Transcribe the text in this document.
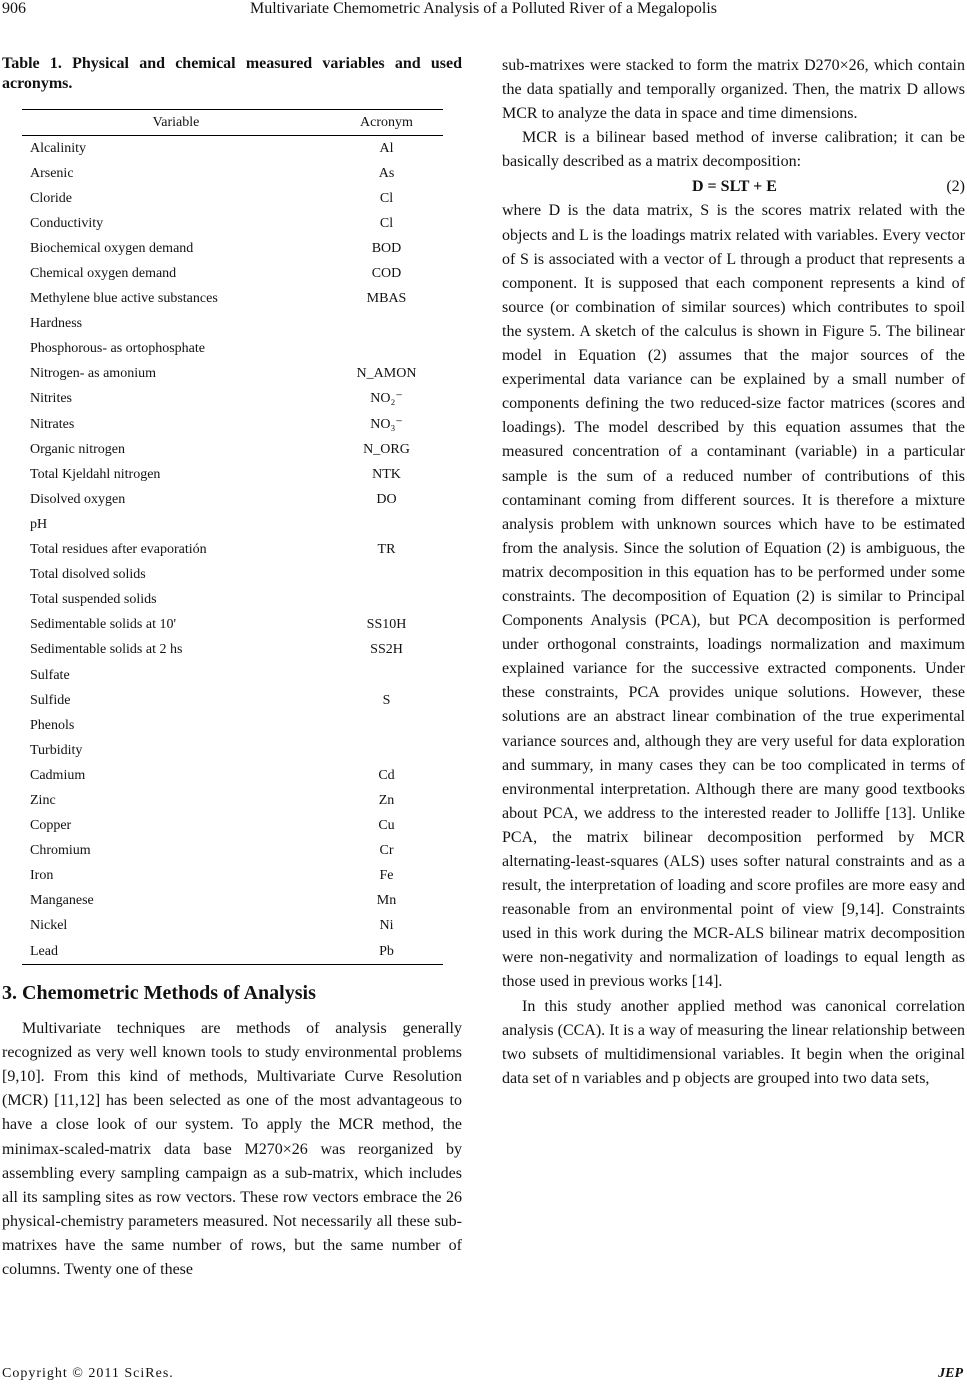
906	Multivariate Chemometric Analysis of a Polluted River of a Megalopolis

Table 1. Physical and chemical measured variables and used acronyms.

Variable	Acronym
Alcalinity	Al
Arsenic	As
Cloride	Cl
Conductivity	Cl
Biochemical oxygen demand	BOD
Chemical oxygen demand	COD
Methylene blue active substances	MBAS
Hardness	
Phosphorous- as ortophosphate	
Nitrogen- as amonium	N_AMON
Nitrites	NO₂⁻
Nitrates	NO₃⁻
Organic nitrogen	N_ORG
Total Kjeldahl nitrogen	NTK
Disolved oxygen	DO
pH	
Total residues after evaporatión	TR
Total disolved solids	
Total suspended solids	
Sedimentable solids at 10'	SS10H
Sedimentable solids at 2 hs	SS2H
Sulfate	
Sulfide	S
Phenols	
Turbidity	
Cadmium	Cd
Zinc	Zn
Copper	Cu
Chromium	Cr
Iron	Fe
Manganese	Mn
Nickel	Ni
Lead	Pb
3. Chemometric Methods of Analysis

Multivariate techniques are methods of analysis generally recognized as very well known tools to study environmental problems [9,10]. From this kind of methods, Multivariate Curve Resolution (MCR) [11,12] has been selected as one of the most advantageous to have a close look of our system. To apply the MCR method, the minimax-scaled-matrix data base M270×26 was reorganized by assembling every sampling campaign as a sub-matrix, which includes all its sampling sites as row vectors. These row vectors embrace the 26 physical-chemistry parameters measured. Not necessarily all these sub-matrixes have the same number of rows, but the same number of columns. Twenty one of these

sub-matrixes were stacked to form the matrix D270×26, which contain the data spatially and temporally organized. Then, the matrix D allows MCR to analyze the data in space and time dimensions.

MCR is a bilinear based method of inverse calibration; it can be basically described as a matrix decomposition:

D = SLT + E	(2)

where D is the data matrix, S is the scores matrix related with the objects and L is the loadings matrix related with variables. Every vector of S is associated with a vector of L through a product that represents a component. It is supposed that each component represents a kind of source (or combination of similar sources) which contributes to spoil the system. A sketch of the calculus is shown in Figure 5. The bilinear model in Equation (2) assumes that the major sources of the experimental data variance can be explained by a small number of components defining the two reduced-size factor matrices (scores and loadings). The model described by this equation assumes that the measured concentration of a contaminant (variable) in a particular sample is the sum of a reduced number of contributions of this contaminant coming from different sources. It is therefore a mixture analysis problem with unknown sources which have to be estimated from the analysis. Since the solution of Equation (2) is ambiguous, the matrix decomposition in this equation has to be performed under some constraints. The decomposition of Equation (2) is similar to Principal Components Analysis (PCA), but PCA decomposition is performed under orthogonal constraints, loadings normalization and maximum explained variance for the successive extracted components. Under these constraints, PCA provides unique solutions. However, these solutions are an abstract linear combination of the true experimental variance sources and, although they are very useful for data exploration and summary, in many cases they can be too complicated in terms of environmental interpretation. Although there are many good textbooks about PCA, we address to the interested reader to Jolliffe [13]. Unlike PCA, the matrix bilinear decomposition performed by MCR alternating-least-squares (ALS) uses softer natural constraints and as a result, the interpretation of loading and score profiles are more easy and reasonable from an environmental point of view [9,14]. Constraints used in this work during the MCR-ALS bilinear matrix decomposition were non-negativity and normalization of loadings to equal length as those used in previous works [14].

In this study another applied method was canonical correlation analysis (CCA). It is a way of measuring the linear relationship between two subsets of multidimensional variables. It begin when the original data set of n variables and p objects are grouped into two data sets,

Copyright © 2011 SciRes.	JEP
